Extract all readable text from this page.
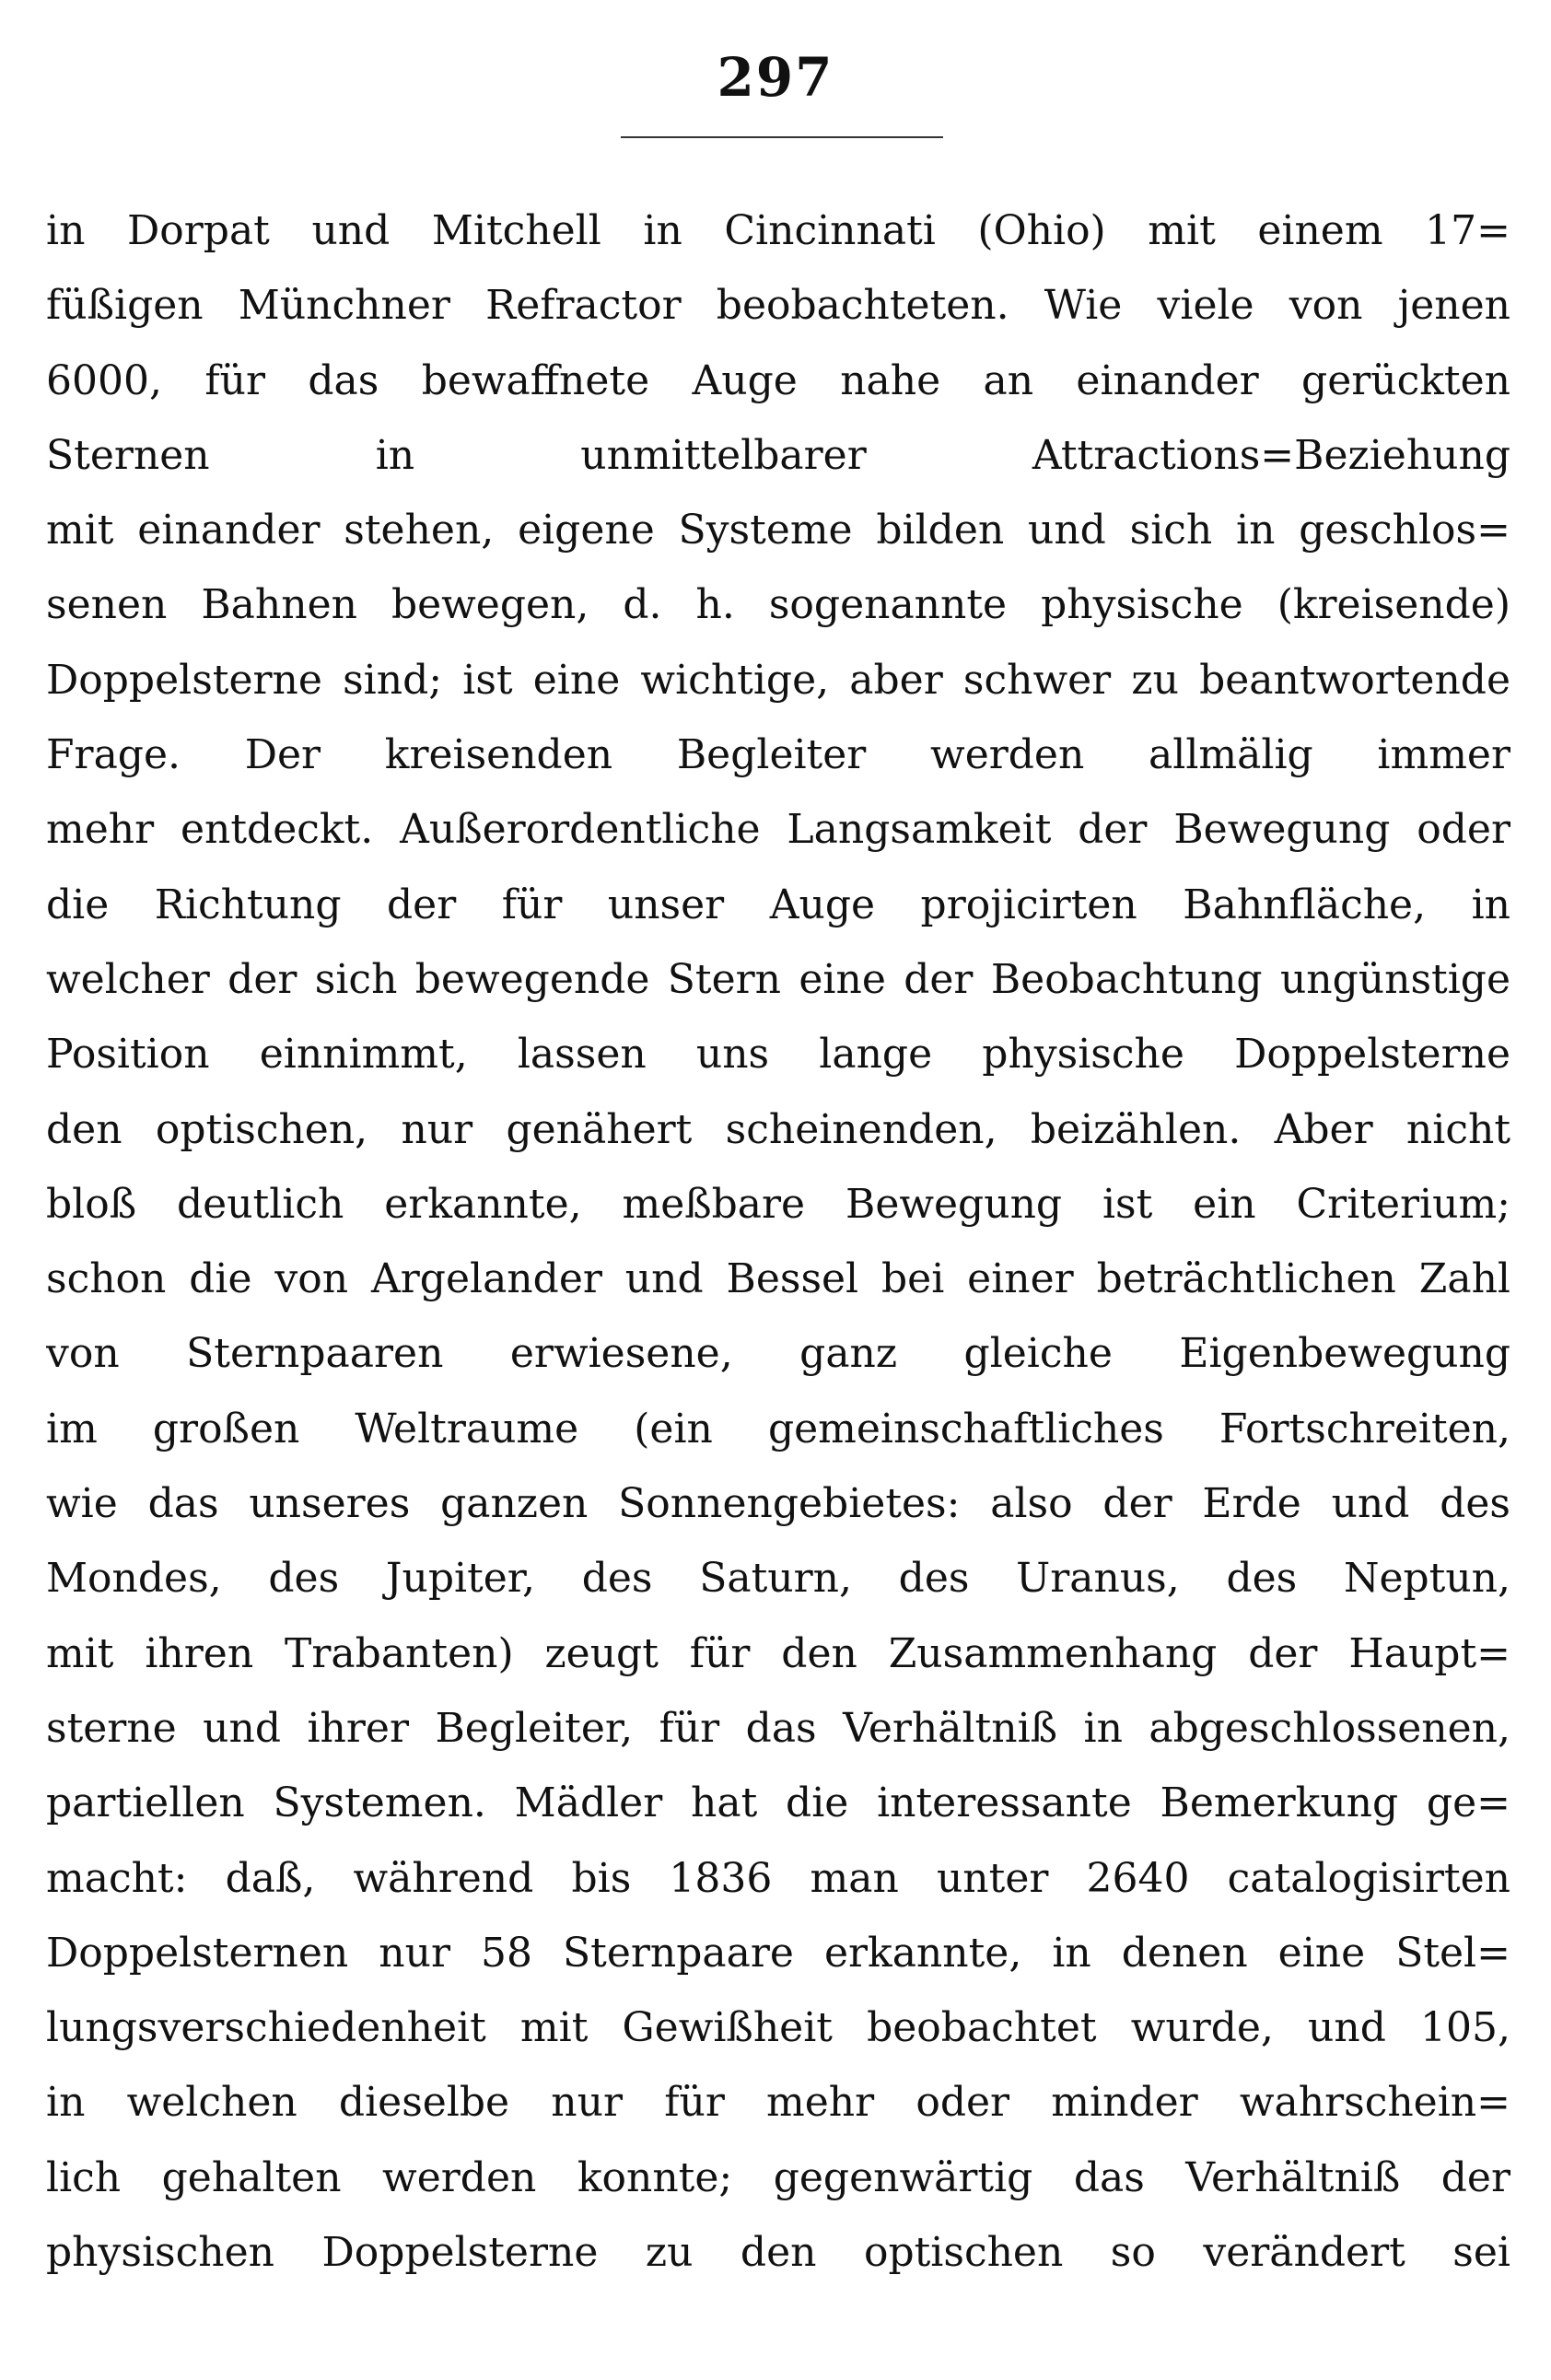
297
in Dorpat und Mitchell in Cincinnati (Ohio) mit einem 17=
füßigen Münchner Refractor beobachteten. Wie viele von jenen
6000, für das bewaffnete Auge nahe an einander gerückten
Sternen in unmittelbarer Attractions=Beziehung
mit einander stehen, eigene Systeme bilden und sich in geschlos=
senen Bahnen bewegen, d. h. sogenannte physische (kreisende)
Doppelsterne sind; ist eine wichtige, aber schwer zu beantwortende
Frage. Der kreisenden Begleiter werden allmälig immer
mehr entdeckt. Außerordentliche Langsamkeit der Bewegung oder
die Richtung der für unser Auge projicirten Bahnfläche, in
welcher der sich bewegende Stern eine der Beobachtung ungünstige
Position einnimmt, lassen uns lange physische Doppelsterne
den optischen, nur genähert scheinenden, beizählen. Aber nicht
bloß deutlich erkannte, meßbare Bewegung ist ein Criterium;
schon die von Argelander und Bessel bei einer beträchtlichen Zahl
von Sternpaaren erwiesene, ganz gleiche Eigenbewegung
im großen Weltraume (ein gemeinschaftliches Fortschreiten,
wie das unseres ganzen Sonnengebietes: also der Erde und des
Mondes, des Jupiter, des Saturn, des Uranus, des Neptun,
mit ihren Trabanten) zeugt für den Zusammenhang der Haupt=
sterne und ihrer Begleiter, für das Verhältniß in abgeschlossenen,
partiellen Systemen. Mädler hat die interessante Bemerkung ge=
macht: daß, während bis 1836 man unter 2640 catalogisirten
Doppelsternen nur 58 Sternpaare erkannte, in denen eine Stel=
lungsverschiedenheit mit Gewißheit beobachtet wurde, und 105,
in welchen dieselbe nur für mehr oder minder wahrschein=
lich gehalten werden konnte; gegenwärtig das Verhältniß der
physischen Doppelsterne zu den optischen so verändert sei
